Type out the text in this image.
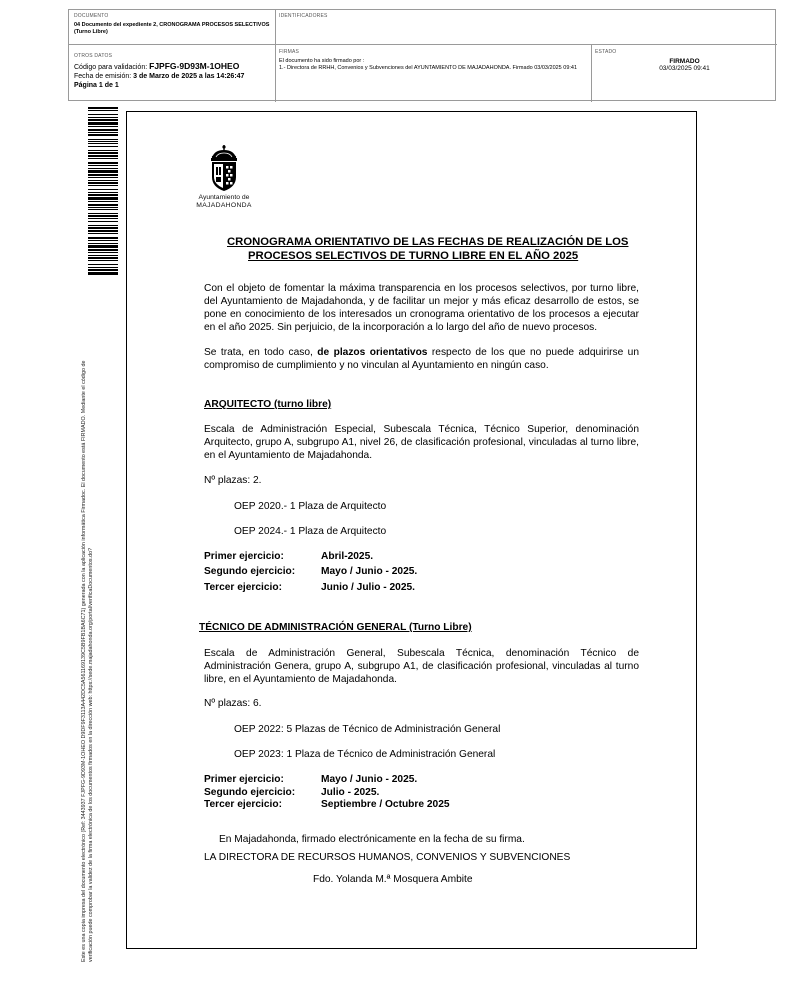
DOCUMENTO
04 Documento del expediente 2, CRONOGRAMA PROCESOS SELECTIVOS (Turno Libre)
IDENTIFICADORES
OTROS DATOS
Código para validación: FJPFG-9D93M-1OHEO
Fecha de emisión: 3 de Marzo de 2025 a las 14:26:47
Página 1 de 1
FIRMAS
El documento ha sido firmado por :
1.- Directora de RRHH, Convenios y Subvenciones del AYUNTAMIENTO DE MAJADAHONDA. Firmado 03/03/2025 09:41
ESTADO
FIRMADO
03/03/2025 09:41
Este es una copia impresa del documento electrónico (Ref: 3443937 FJPFG-9D93M-1OHEO D9DF9F3113A442DC5A561169139C5B9FB1BA6C71) generada con la aplicación informática Firmadoc. El documento está FIRMADO. Mediante el código de verificación puede comprobar la validez de la firma electrónica de los documentos firmados en la dirección web: https://sede.majadahonda.org/portal/verificaDocumentos.do?
Ayuntamiento de
MAJADAHONDA
CRONOGRAMA ORIENTATIVO DE LAS FECHAS DE REALIZACIÓN DE LOS
PROCESOS SELECTIVOS DE TURNO LIBRE EN EL AÑO 2025
Con el objeto de fomentar la máxima transparencia en los procesos selectivos, por turno libre, del Ayuntamiento de Majadahonda, y de facilitar un mejor y más eficaz desarrollo de estos, se pone en conocimiento de los interesados un cronograma orientativo de los procesos a ejecutar en el año 2025. Sin perjuicio, de la incorporación a lo largo del año de nuevo procesos.
Se trata, en todo caso, de plazos orientativos respecto de los que no puede adquirirse un compromiso de cumplimiento y no vinculan al Ayuntamiento en ningún caso.
ARQUITECTO (turno libre)
Escala de Administración Especial, Subescala Técnica, Técnico Superior, denominación Arquitecto, grupo A, subgrupo A1, nivel 26, de clasificación profesional, vinculadas al turno libre, en el Ayuntamiento de Majadahonda.
Nº plazas: 2.
OEP 2020.- 1 Plaza de Arquitecto
OEP 2024.- 1 Plaza de Arquitecto
Primer ejercicio:	Abril-2025.
Segundo ejercicio:	Mayo / Junio - 2025.
Tercer ejercicio:	Junio / Julio - 2025.
TÉCNICO DE ADMINISTRACIÓN GENERAL (Turno Libre)
Escala de Administración General, Subescala Técnica, denominación Técnico de Administración Genera, grupo A, subgrupo A1, de clasificación profesional, vinculadas al turno libre, en el Ayuntamiento de Majadahonda.
Nº plazas: 6.
OEP 2022: 5 Plazas de Técnico de Administración General
OEP 2023: 1 Plaza de Técnico de Administración General
Primer ejercicio:	Mayo / Junio - 2025.
Segundo ejercicio:	Julio - 2025.
Tercer ejercicio:	Septiembre / Octubre 2025
En Majadahonda, firmado electrónicamente en la fecha de su firma.
LA DIRECTORA DE RECURSOS HUMANOS, CONVENIOS Y SUBVENCIONES
Fdo. Yolanda M.ª Mosquera Ambite
